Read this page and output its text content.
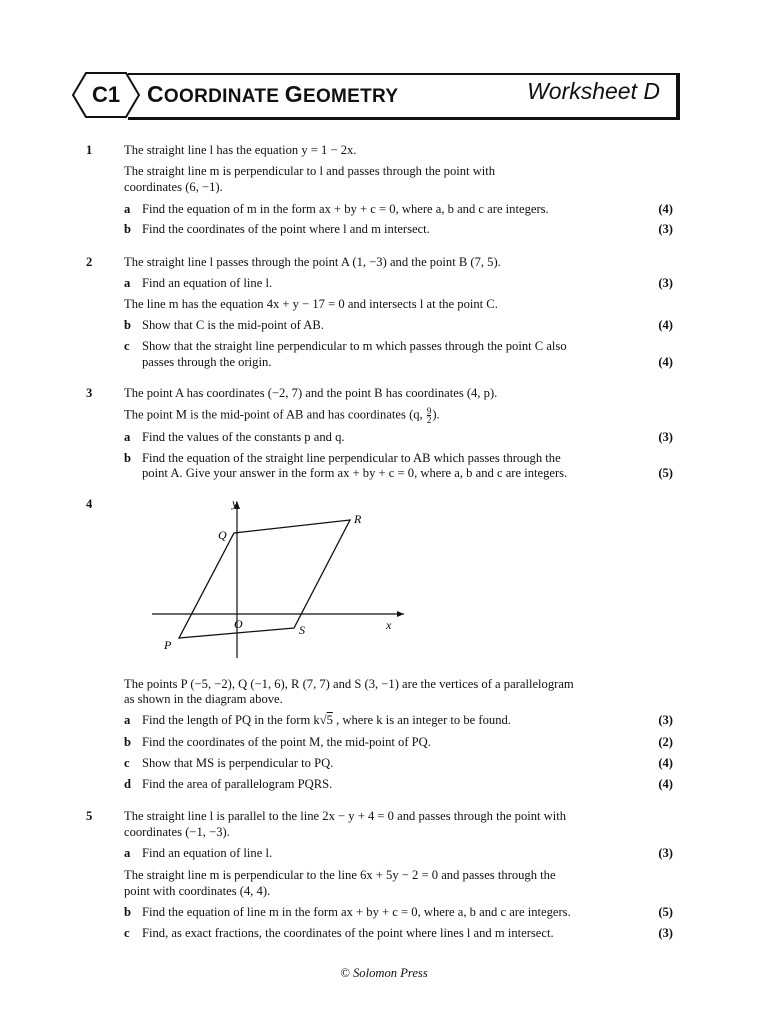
C1	COORDINATE GEOMETRY	Worksheet D
1	The straight line l has the equation y = 1 − 2x.
The straight line m is perpendicular to l and passes through the point with
coordinates (6, −1).
a Find the equation of m in the form ax + by + c = 0, where a, b and c are integers.	(4)
b Find the coordinates of the point where l and m intersect.	(3)
2	The straight line l passes through the point A (1, −3) and the point B (7, 5).
a Find an equation of line l.	(3)
The line m has the equation 4x + y − 17 = 0 and intersects l at the point C.
b Show that C is the mid-point of AB.	(4)
c Show that the straight line perpendicular to m which passes through the point C also
passes through the origin.	(4)
3	The point A has coordinates (−2, 7) and the point B has coordinates (4, p).
The point M is the mid-point of AB and has coordinates (q, $\frac{9}{2}$ ).
a Find the values of the constants p and q.	(3)
b Find the equation of the straight line perpendicular to AB which passes through the
point A. Give your answer in the form ax + by + c = 0, where a, b and c are integers.	(5)
4	y
x
O
P
Q
R
S
The points P (−5, −2), Q (−1, 6), R (7, 7) and S (3, −1) are the vertices of a parallelogram
as shown in the diagram above.
a Find the length of PQ in the form k√5 , where k is an integer to be found.	(3)
b Find the coordinates of the point M, the mid-point of PQ.	(2)
c Show that MS is perpendicular to PQ.	(4)
d Find the area of parallelogram PQRS.	(4)
5	The straight line l is parallel to the line 2x − y + 4 = 0 and passes through the point with
coordinates (−1, −3).
a Find an equation of line l.	(3)
The straight line m is perpendicular to the line 6x + 5y − 2 = 0 and passes through the
point with coordinates (4, 4).
b Find the equation of line m in the form ax + by + c = 0, where a, b and c are integers.	(5)
c Find, as exact fractions, the coordinates of the point where lines l and m intersect.	(3)
© Solomon Press
